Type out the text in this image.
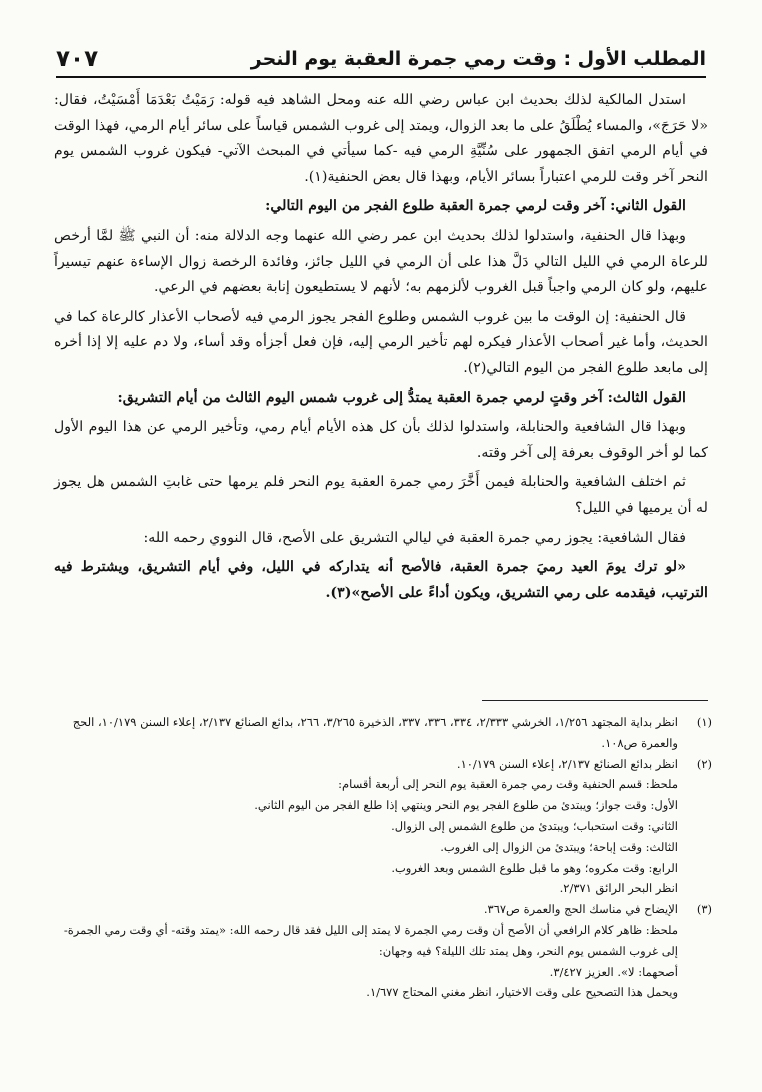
المطلب الأول : وقت رمي جمرة العقبة يوم النحر
٧٠٧

استدل المالكية لذلك بحديث ابن عباس رضي الله عنه ومحل الشاهد فيه قوله: رَمَيْتُ بَعْدَمَا أَمْسَيْتُ، فقال: «لا حَرَجَ»، والمساء يُطْلَقُ على ما بعد الزوال، ويمتد إلى غروب الشمس قياساً على سائر أيام الرمي، فهذا الوقت في أيام الرمي اتفق الجمهور على سُنِّيَّةِ الرمي فيه -كما سيأتي في المبحث الآتي- فيكون غروب الشمس يوم النحر آخر وقت للرمي اعتباراً بسائر الأيام، وبهذا قال بعض الحنفية(١).

القول الثاني: آخر وقت لرمي جمرة العقبة طلوع الفجر من اليوم التالي:

وبهذا قال الحنفية، واستدلوا لذلك بحديث ابن عمر رضي الله عنهما وجه الدلالة منه: أن النبي ﷺ لمَّا أرخص للرعاة الرمي في الليل التالي دَلَّ هذا على أن الرمي في الليل جائز، وفائدة الرخصة زوال الإساءة عنهم تيسيراً عليهم، ولو كان الرمي واجباً قبل الغروب لألزمهم به؛ لأنهم لا يستطيعون إنابة بعضهم في الرعي.

قال الحنفية: إن الوقت ما بين غروب الشمس وطلوع الفجر يجوز الرمي فيه لأصحاب الأعذار كالرعاة كما في الحديث، وأما غير أصحاب الأعذار فيكره لهم تأخير الرمي إليه، فإن فعل أجزأه وقد أساء، ولا دم عليه إلا إذا أخره إلى مابعد طلوع الفجر من اليوم التالي(٢).

القول الثالث: آخر وقتٍ لرمي جمرة العقبة يمتدُّ إلى غروب شمس اليوم الثالث من أيام التشريق:

وبهذا قال الشافعية والحنابلة، واستدلوا لذلك بأن كل هذه الأيام أيام رمي، وتأخير الرمي عن هذا اليوم الأول كما لو أخر الوقوف بعرفة إلى آخر وقته.

ثم اختلف الشافعية والحنابلة فيمن أَخَّرَ رمي جمرة العقبة يوم النحر فلم يرمها حتى غابتِ الشمس هل يجوز له أن يرميها في الليل؟

فقال الشافعية: يجوز رمي جمرة العقبة في ليالي التشريق على الأصح، قال النووي رحمه الله:

«لو ترك يومَ العيد رميَ جمرة العقبة، فالأصح أنه يتداركه في الليل، وفي أيام التشريق، ويشترط فيه الترتيب، فيقدمه على رمي التشريق، ويكون أداءً على الأصح»(٣).

(١)
انظر بداية المجتهد ١/٢٥٦، الخرشي ٢/٣٣٣، ٣٣٤، ٣٣٦، ٣٣٧، الذخيرة ٣/٢٦٥، ٢٦٦، بدائع الصنائع ٢/١٣٧، إعلاء السنن ١٠/١٧٩، الحج والعمرة ص١٠٨.
(٢)
انظر بدائع الصنائع ٢/١٣٧، إعلاء السنن ١٠/١٧٩.
ملحظ: قسم الحنفية وقت رمي جمرة العقبة يوم النحر إلى أربعة أقسام:
الأول: وقت جواز؛ ويبتدئ من طلوع الفجر يوم النحر وينتهي إذا طلع الفجر من اليوم الثاني.
الثاني: وقت استحباب؛ ويبتدئ من طلوع الشمس إلى الزوال.
الثالث: وقت إباحة؛ ويبتدئ من الزوال إلى الغروب.
الرابع: وقت مكروه؛ وهو ما قبل طلوع الشمس وبعد الغروب.
انظر البحر الرائق ٢/٣٧١.
(٣)
الإيضاح في مناسك الحج والعمرة ص٣٦٧.
ملحظ: ظاهر كلام الرافعي أن الأصح أن وقت رمي الجمرة لا يمتد إلى الليل فقد قال رحمه الله: «يمتد وقته- أي وقت رمي الجمرة- إلى غروب الشمس يوم النحر، وهل يمتد تلك الليلة؟ فيه وجهان:
أصحهما: لا». العزيز ٣/٤٢٧.
ويحمل هذا التصحيح على وقت الاختيار، انظر مغني المحتاج ١/٦٧٧.
